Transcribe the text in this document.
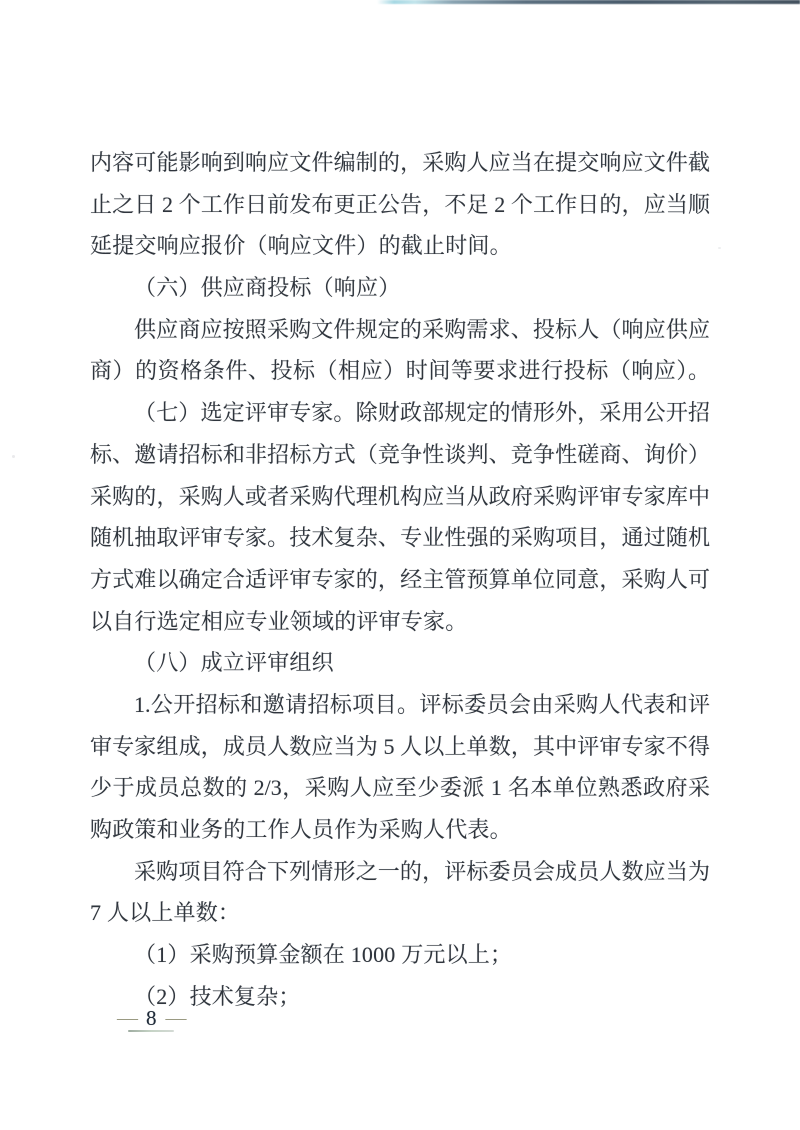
内容可能影响到响应文件编制的，采购人应当在提交响应文件截
止之日 2 个工作日前发布更正公告，不足 2 个工作日的，应当顺
延提交响应报价（响应文件）的截止时间。
（六）供应商投标（响应）
供应商应按照采购文件规定的采购需求、投标人（响应供应
商）的资格条件、投标（相应）时间等要求进行投标（响应）。
（七）选定评审专家。除财政部规定的情形外，采用公开招
标、邀请招标和非招标方式（竞争性谈判、竞争性磋商、询价）
采购的，采购人或者采购代理机构应当从政府采购评审专家库中
随机抽取评审专家。技术复杂、专业性强的采购项目，通过随机
方式难以确定合适评审专家的，经主管预算单位同意，采购人可
以自行选定相应专业领域的评审专家。
（八）成立评审组织
1.公开招标和邀请招标项目。评标委员会由采购人代表和评
审专家组成，成员人数应当为 5 人以上单数，其中评审专家不得
少于成员总数的 2/3，采购人应至少委派 1 名本单位熟悉政府采
购政策和业务的工作人员作为采购人代表。
采购项目符合下列情形之一的，评标委员会成员人数应当为
7 人以上单数：
（1）采购预算金额在 1000 万元以上；
（2）技术复杂；
— 8 —
